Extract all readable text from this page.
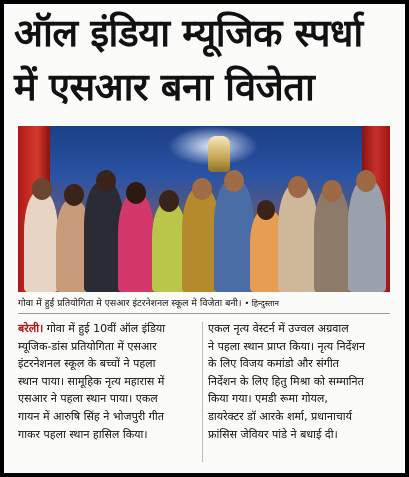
ऑल इंडिया म्यूजिक स्पर्धा
में एसआर बना विजेता
गोवा में हुई प्रतियोगिता मे एसआर इंटरनेशनल स्कूल मे विजेता बनी। • हिन्दुस्तान
बरेली। गोवा में हुई 10वीं ऑल इंडिया
म्यूजिक-डांस प्रतियोगिता में एसआर
इंटरनेशनल स्कूल के बच्चों ने पहला
स्थान पाया। सामूहिक नृत्य महारास में
एसआर ने पहला स्थान पाया। एकल
गायन में आरुषि सिंह ने भोजपुरी गीत
गाकर पहला स्थान हासिल किया।
एकल नृत्य वेस्टर्न में उज्वल अग्रवाल
ने पहला स्थान प्राप्त किया। नृत्य निर्देशन
के लिए विजय कमांडो और संगीत
निर्देशन के लिए हितु मिश्रा को सम्मानित
किया गया। एमडी रूमा गोयल,
डायरेक्टर डॉ आरके शर्मा, प्रधानाचार्य
फ्रांसिस जेवियर पांडे ने बधाई दी।
